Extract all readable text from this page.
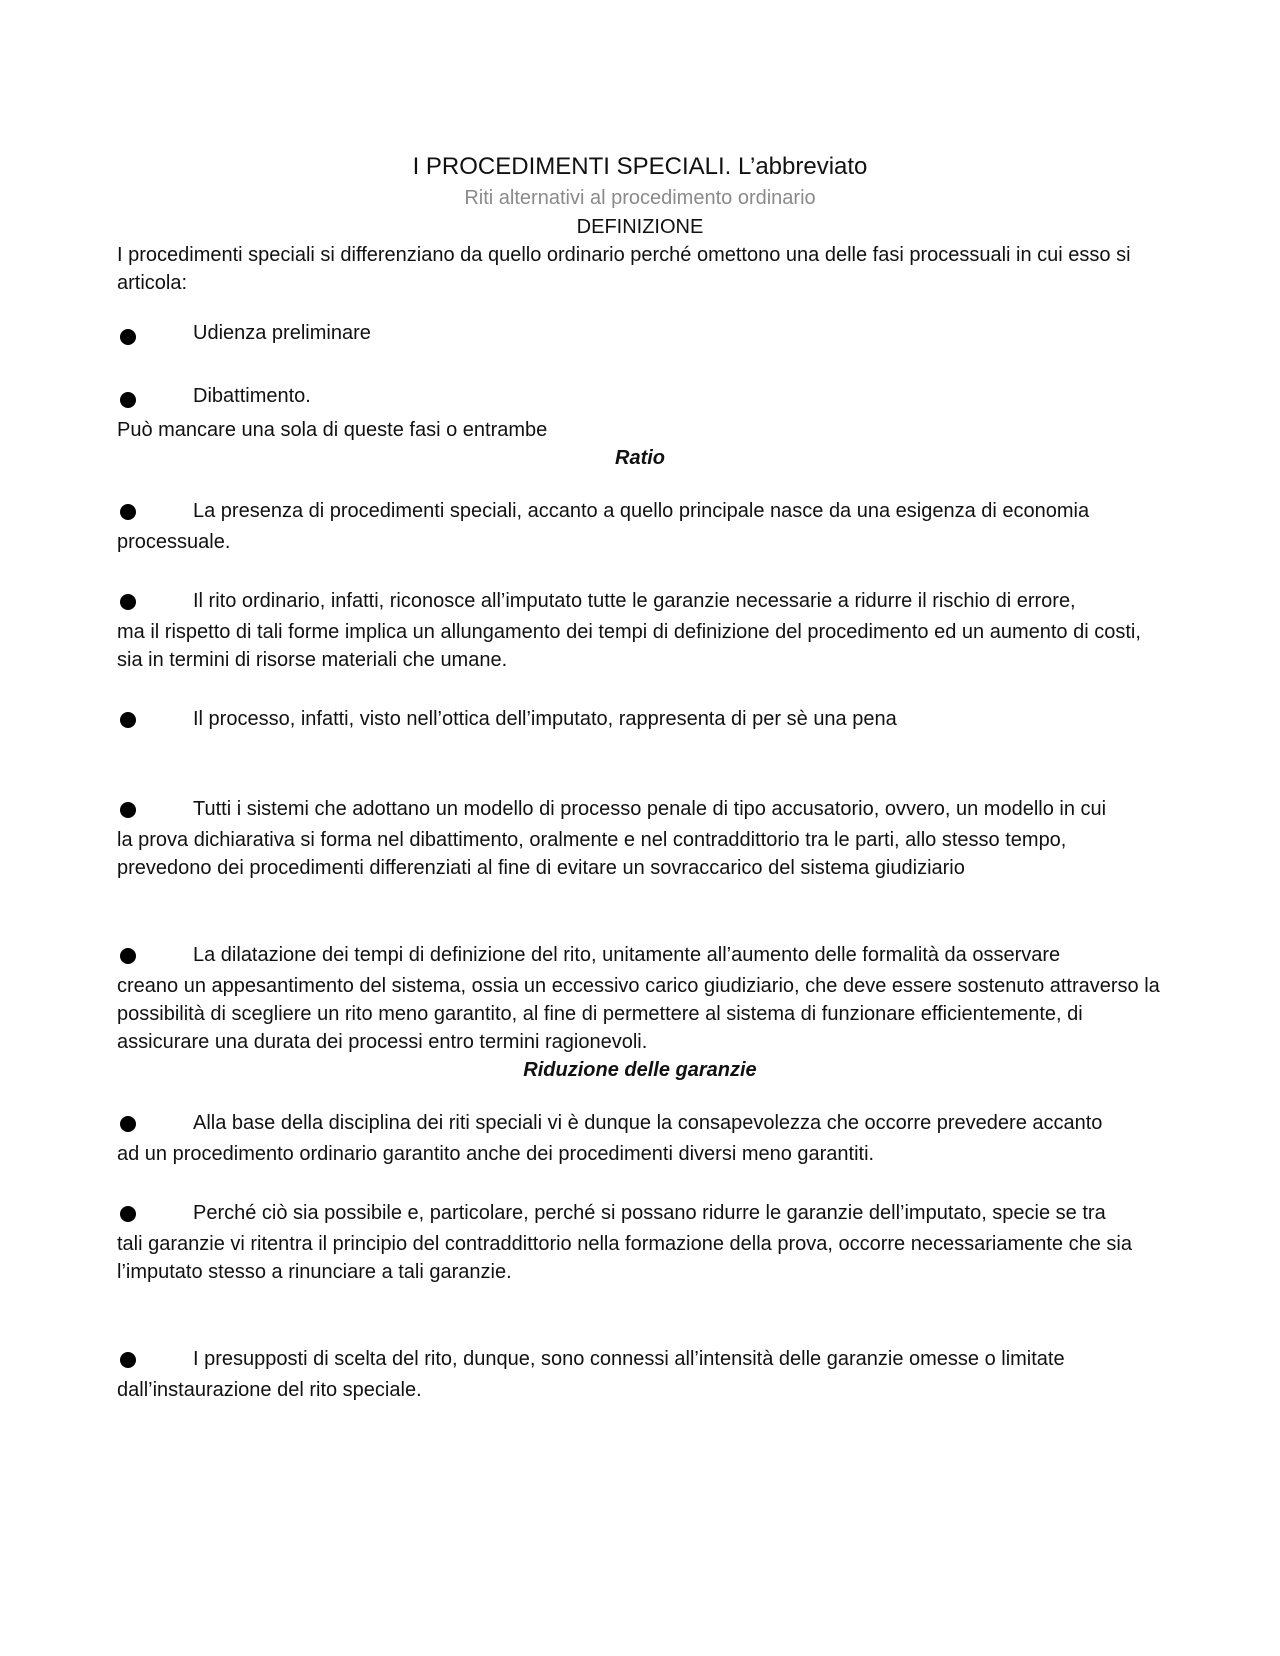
I PROCEDIMENTI SPECIALI. L’abbreviato
Riti alternativi al procedimento ordinario
DEFINIZIONE

I procedimenti speciali si differenziano da quello ordinario perché omettono una delle fasi processuali in cui esso si articola:

Udienza preliminare
Dibattimento.

Può mancare una sola di queste fasi o entrambe

Ratio
La presenza di procedimenti speciali, accanto a quello principale nasce da una esigenza di economia
processuale.
Il rito ordinario, infatti, riconosce all’imputato tutte le garanzie necessarie a ridurre il rischio di errore,
ma il rispetto di tali forme implica un allungamento dei tempi di definizione del procedimento ed un aumento di costi, sia in termini di risorse materiali che umane.
Il processo, infatti, visto nell’ottica dell’imputato, rappresenta di per sè una pena
Tutti i sistemi che adottano un modello di processo penale di tipo accusatorio, ovvero, un modello in cui
la prova dichiarativa si forma nel dibattimento, oralmente e nel contraddittorio tra le parti, allo stesso tempo, prevedono dei procedimenti differenziati al fine di evitare un sovraccarico del sistema giudiziario
La dilatazione dei tempi di definizione del rito, unitamente all’aumento delle formalità da osservare
creano un appesantimento del sistema, ossia un eccessivo carico giudiziario, che deve essere sostenuto attraverso la possibilità di scegliere un rito meno garantito, al fine di permettere al sistema di funzionare efficientemente, di assicurare una durata dei processi entro termini ragionevoli.
Riduzione delle garanzie
Alla base della disciplina dei riti speciali vi è dunque la consapevolezza che occorre prevedere accanto
ad un procedimento ordinario garantito anche dei procedimenti diversi meno garantiti.
Perché ciò sia possibile e, particolare, perché si possano ridurre le garanzie dell’imputato, specie se tra
tali garanzie vi ritentra il principio del contraddittorio nella formazione della prova, occorre necessariamente che sia l’imputato stesso a rinunciare a tali garanzie.
I presupposti di scelta del rito, dunque, sono connessi all’intensità delle garanzie omesse o limitate
dall’instaurazione del rito speciale.
